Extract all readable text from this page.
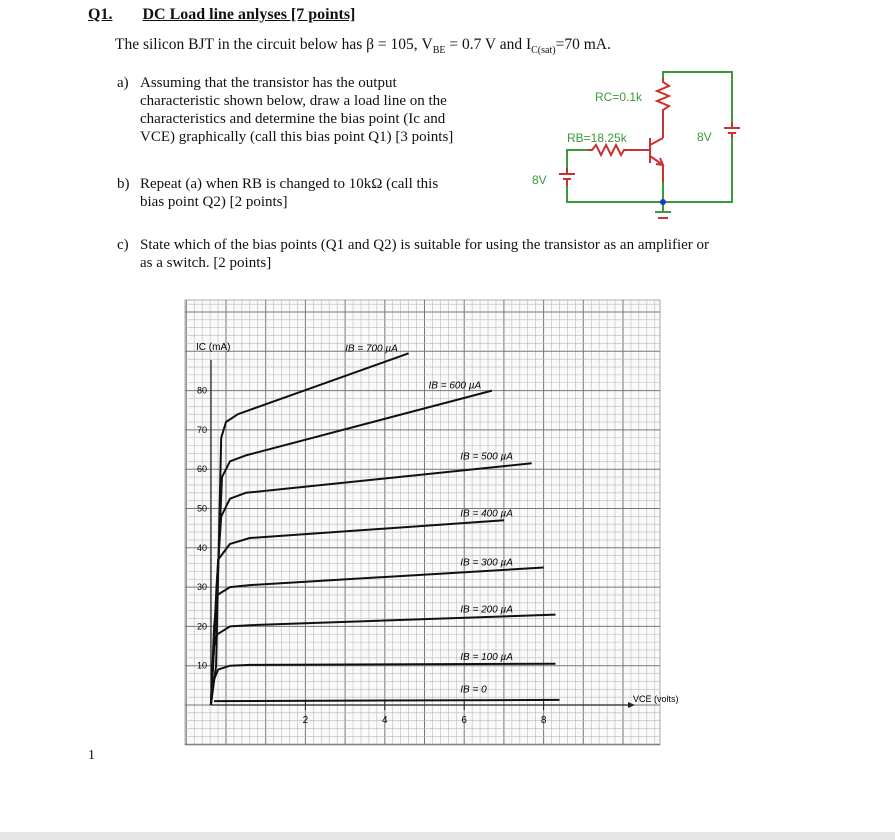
Q1. DC Load line anlyses [7 points]
The silicon BJT in the circuit below has β = 105, $V_{BE} = 0.7$ V and $I_{C(sat)}=70$ mA.
a) Assuming that the transistor has the output
characteristic shown below, draw a load line on the
characteristics and determine the bias point (Ic and
VCE) graphically (call this bias point Q1) [3 points]
b) Repeat (a) when RB is changed to 10kΩ (call this
bias point Q2) [2 points]
c) State which of the bias points (Q1 and Q2) is suitable for using the transistor as an amplifier or
as a switch. [2 points]
RC=0.1k
RB=18.25k	8V
8V
2	4	6	8
10
20
30
40
50
60
70
80
IC (mA)
VCE (volts)
IB = 700 µA
IB = 600 µA
IB = 500 µA
IB = 400 µA
IB = 300 µA
IB = 200 µA
IB = 100 µA
IB = 0
1
